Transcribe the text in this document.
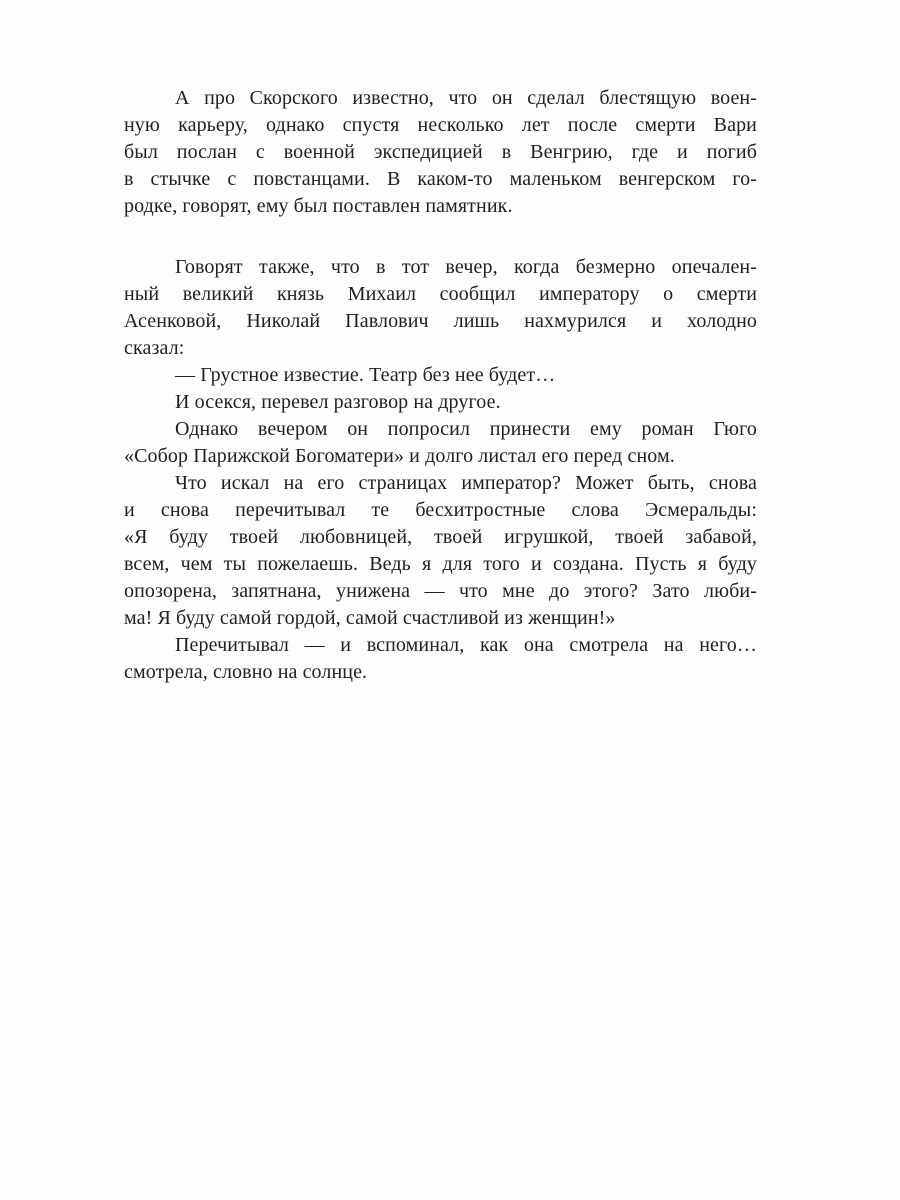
А про Скорского известно, что он сделал блестящую воен-
ную карьеру, однако спустя несколько лет после смерти Вари
был послан с военной экспедицией в Венгрию, где и погиб
в стычке с повстанцами. В каком-то маленьком венгерском го-
родке, говорят, ему был поставлен памятник.
Говорят также, что в тот вечер, когда безмерно опечален-
ный великий князь Михаил сообщил императору о смерти
Асенковой, Николай Павлович лишь нахмурился и холодно
сказал:
— Грустное известие. Театр без нее будет…
И осекся, перевел разговор на другое.
Однако вечером он попросил принести ему роман Гюго
«Собор Парижской Богоматери» и долго листал его перед сном.
Что искал на его страницах император? Может быть, снова
и снова перечитывал те бесхитростные слова Эсмеральды:
«Я буду твоей любовницей, твоей игрушкой, твоей забавой,
всем, чем ты пожелаешь. Ведь я для того и создана. Пусть я буду
опозорена, запятнана, унижена — что мне до этого? Зато люби-
ма! Я буду самой гордой, самой счастливой из женщин!»
Перечитывал — и вспоминал, как она смотрела на него…
смотрела, словно на солнце.
